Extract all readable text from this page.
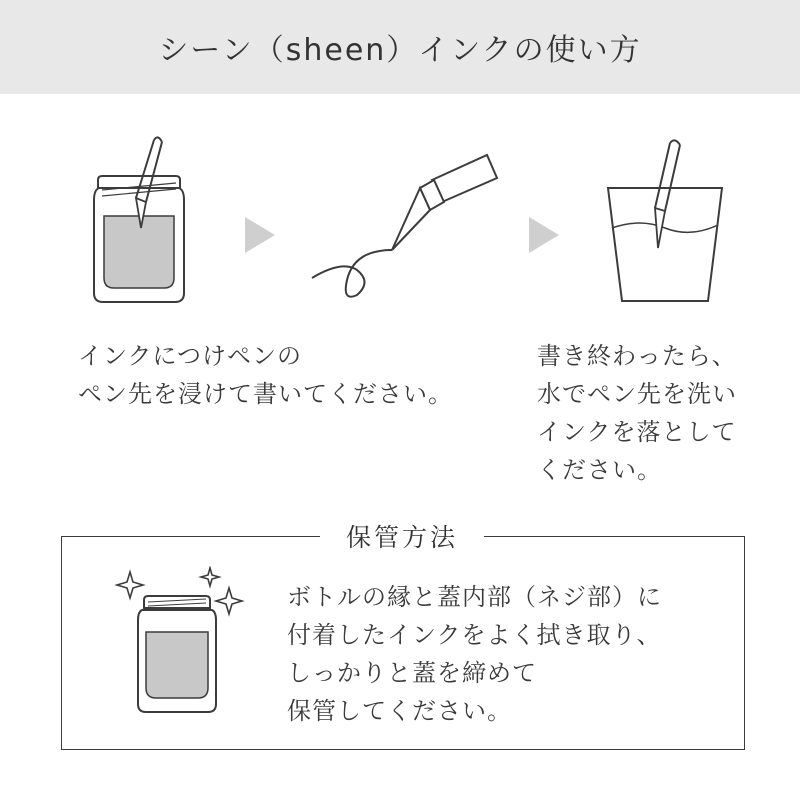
シーン（sheen）インクの使い方
インクにつけペンの
ペン先を浸けて書いてください。
書き終わったら、
水でペン先を洗い
インクを落として
ください。
保管方法
ボトルの縁と蓋内部（ネジ部）に
付着したインクをよく拭き取り、
しっかりと蓋を締めて
保管してください。
